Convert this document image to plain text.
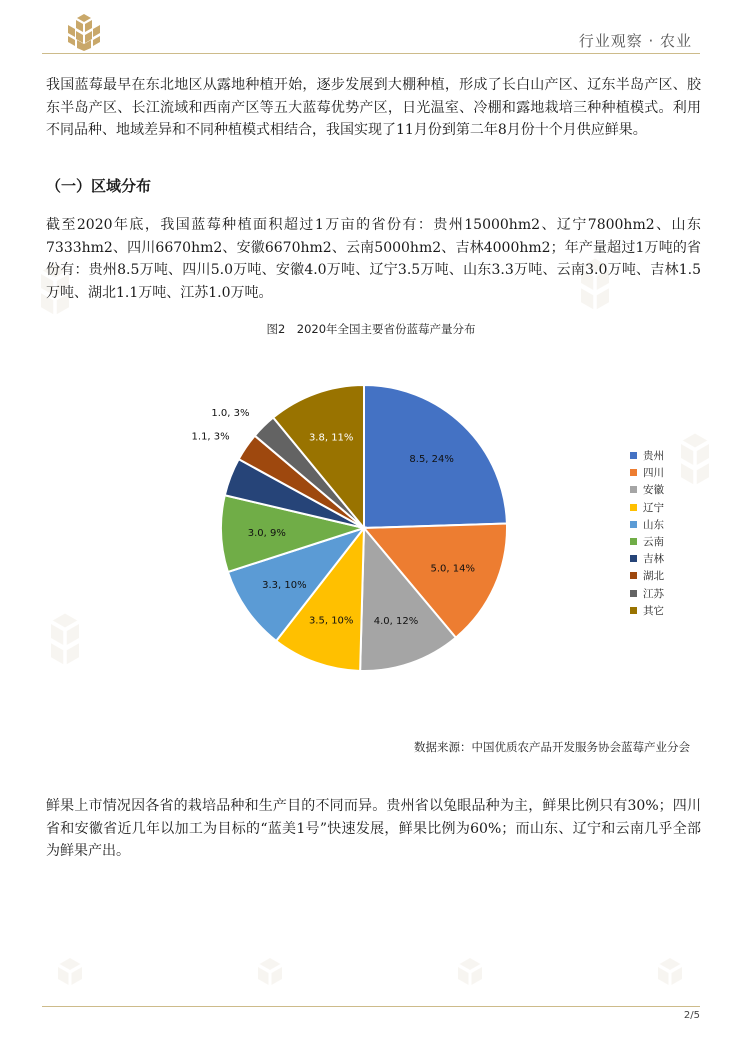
行业观察 · 农业

我国蓝莓最早在东北地区从露地种植开始，逐步发展到大棚种植，形成了长白山产区、辽东半岛产区、胶东半岛产区、长江流域和西南产区等五大蓝莓优势产区，日光温室、冷棚和露地栽培三种种植模式。利用不同品种、地域差异和不同种植模式相结合，我国实现了11月份到第二年8月份十个月供应鲜果。

（一）区域分布

截至2020年底，我国蓝莓种植面积超过1万亩的省份有：贵州15000hm2、辽宁7800hm2、山东7333hm2、四川6670hm2、安徽6670hm2、云南5000hm2、吉林4000hm2；年产量超过1万吨的省份有：贵州8.5万吨、四川5.0万吨、安徽4.0万吨、辽宁3.5万吨、山东3.3万吨、云南3.0万吨、吉林1.5万吨、湖北1.1万吨、江苏1.0万吨。

图2　2020年全国主要省份蓝莓产量分布
8.5, 24%
5.0, 14%
4.0, 12%
3.5, 10%
3.3, 10%
3.0, 9%
1.5, 4%
1.1, 3%
1.0, 3%
3.8, 11%
贵州
四川
安徽
辽宁
山东
云南
吉林
湖北
江苏
其它
数据来源：中国优质农产品开发服务协会蓝莓产业分会

鲜果上市情况因各省的栽培品种和生产目的不同而异。贵州省以兔眼品种为主，鲜果比例只有30%；四川省和安徽省近几年以加工为目标的“蓝美1号”快速发展，鲜果比例为60%；而山东、辽宁和云南几乎全部为鲜果产出。

2/5
